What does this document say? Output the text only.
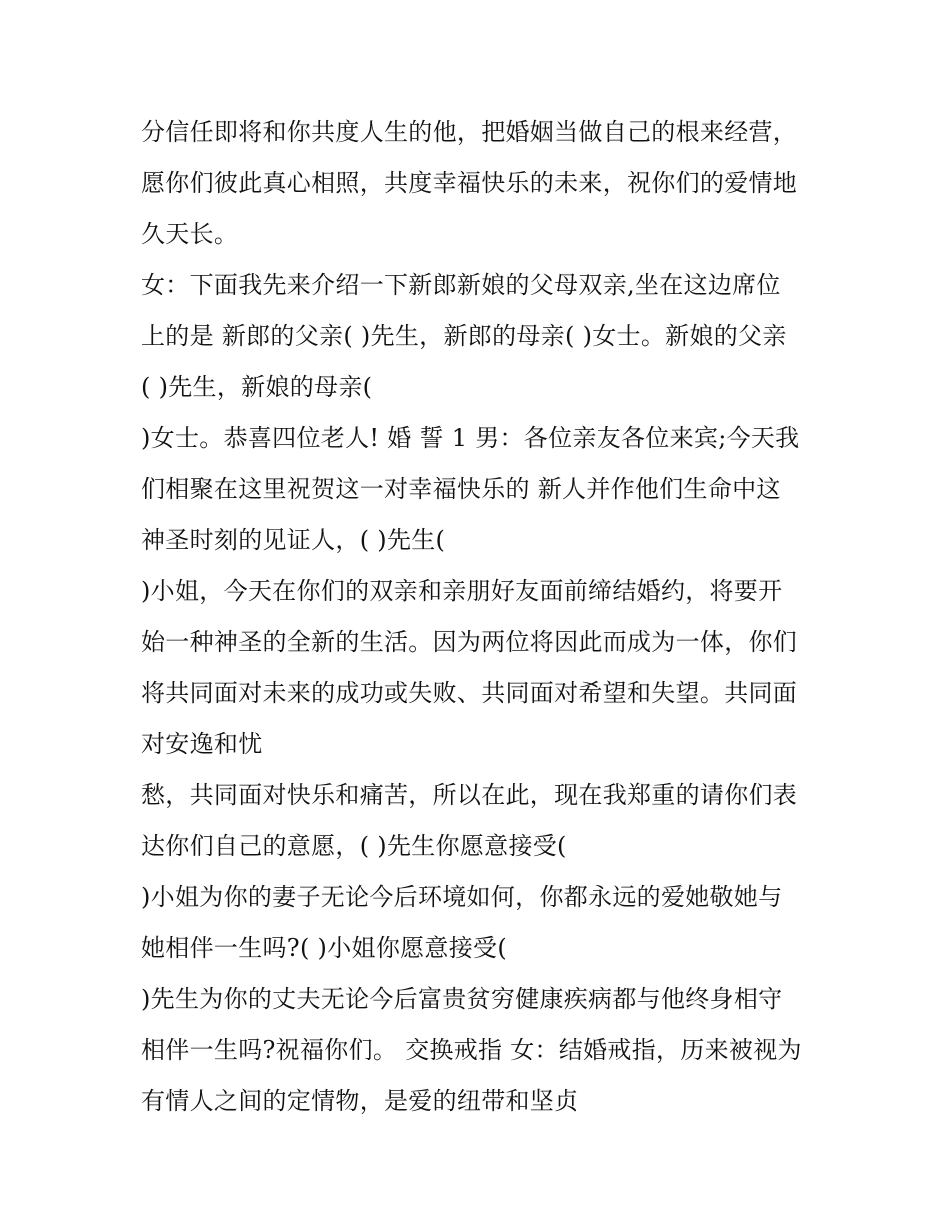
分信任即将和你共度人生的他，把婚姻当做自己的根来经营，
愿你们彼此真心相照，共度幸福快乐的未来，祝你们的爱情地
久天长。
女：下面我先来介绍一下新郎新娘的父母双亲,坐在这边席位
上的是 新郎的父亲( )先生，新郎的母亲( )女士。新娘的父亲
( )先生，新娘的母亲(
)女士。恭喜四位老人! 婚 誓 1 男：各位亲友各位来宾;今天我
们相聚在这里祝贺这一对幸福快乐的 新人并作他们生命中这
神圣时刻的见证人，( )先生(
)小姐，今天在你们的双亲和亲朋好友面前缔结婚约，将要开
始一种神圣的全新的生活。因为两位将因此而成为一体，你们
将共同面对未来的成功或失败、共同面对希望和失望。共同面
对安逸和忧
愁，共同面对快乐和痛苦，所以在此，现在我郑重的请你们表
达你们自己的意愿，( )先生你愿意接受(
)小姐为你的妻子无论今后环境如何，你都永远的爱她敬她与
她相伴一生吗?( )小姐你愿意接受(
)先生为你的丈夫无论今后富贵贫穷健康疾病都与他终身相守
相伴一生吗?祝福你们。 交换戒指 女：结婚戒指，历来被视为
有情人之间的定情物，是爱的纽带和坚贞
